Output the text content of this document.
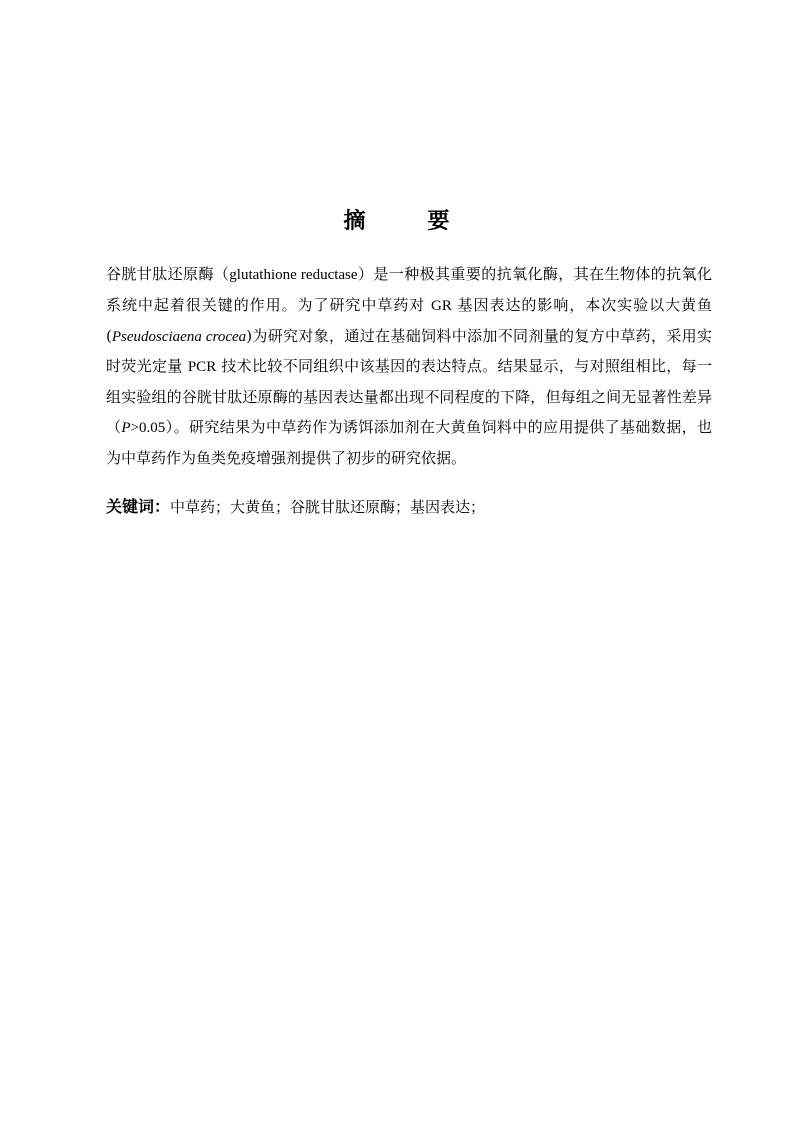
摘　要
谷胱甘肽还原酶（glutathione reductase）是一种极其重要的抗氧化酶，其在生物体的抗氧化系统中起着很关键的作用。为了研究中草药对 GR 基因表达的影响，本次实验以大黄鱼(Pseudosciaena crocea)为研究对象，通过在基础饲料中添加不同剂量的复方中草药，采用实时荧光定量 PCR 技术比较不同组织中该基因的表达特点。结果显示，与对照组相比，每一组实验组的谷胱甘肽还原酶的基因表达量都出现不同程度的下降，但每组之间无显著性差异（P>0.05）。研究结果为中草药作为诱饵添加剂在大黄鱼饲料中的应用提供了基础数据，也为中草药作为鱼类免疫增强剂提供了初步的研究依据。
关键词：中草药；大黄鱼；谷胱甘肽还原酶；基因表达；
